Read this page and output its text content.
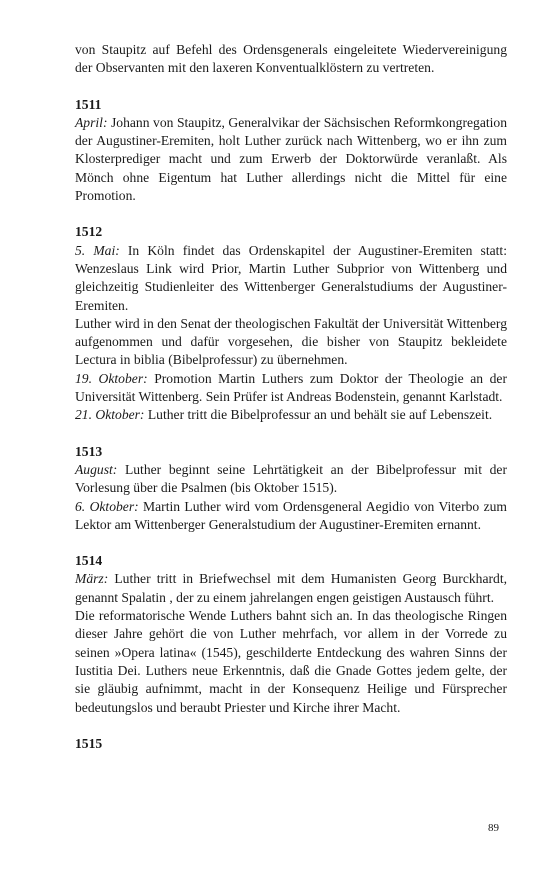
von Staupitz auf Befehl des Ordensgenerals eingeleitete Wiedervereinigung der Observanten mit den laxeren Konventualklöstern zu vertreten.

1511

April: Johann von Staupitz, Generalvikar der Sächsischen Reformkongregation der Augustiner-Eremiten, holt Luther zurück nach Wittenberg, wo er ihn zum Klosterprediger macht und zum Erwerb der Doktorwürde veranlaßt. Als Mönch ohne Eigentum hat Luther allerdings nicht die Mittel für eine Promotion.

1512

5. Mai: In Köln findet das Ordenskapitel der Augustiner-Eremiten statt: Wenzeslaus Link wird Prior, Martin Luther Subprior von Wittenberg und gleichzeitig Studienleiter des Wittenberger Generalstudiums der Augustiner-Eremiten.

Luther wird in den Senat der theologischen Fakultät der Universität Wittenberg aufgenommen und dafür vorgesehen, die bisher von Staupitz bekleidete Lectura in biblia (Bibelprofessur) zu übernehmen.

19. Oktober: Promotion Martin Luthers zum Doktor der Theologie an der Universität Wittenberg. Sein Prüfer ist Andreas Bodenstein, genannt Karlstadt.

21. Oktober: Luther tritt die Bibelprofessur an und behält sie auf Lebenszeit.

1513

August: Luther beginnt seine Lehrtätigkeit an der Bibelprofessur mit der Vorlesung über die Psalmen (bis Oktober 1515).

6. Oktober: Martin Luther wird vom Ordensgeneral Aegidio von Viterbo zum Lektor am Wittenberger Generalstudium der Augustiner-Eremiten ernannt.

1514

März: Luther tritt in Briefwechsel mit dem Humanisten Georg Burckhardt, genannt Spalatin , der zu einem jahrelangen engen geistigen Austausch führt.

Die reformatorische Wende Luthers bahnt sich an. In das theologische Ringen dieser Jahre gehört die von Luther mehrfach, vor allem in der Vorrede zu seinen »Opera latina« (1545), geschilderte Entdeckung des wahren Sinns der Iustitia Dei. Luthers neue Erkenntnis, daß die Gnade Gottes jedem gelte, der sie gläubig aufnimmt, macht in der Konsequenz Heilige und Fürsprecher bedeutungslos und beraubt Priester und Kirche ihrer Macht.

1515

89
